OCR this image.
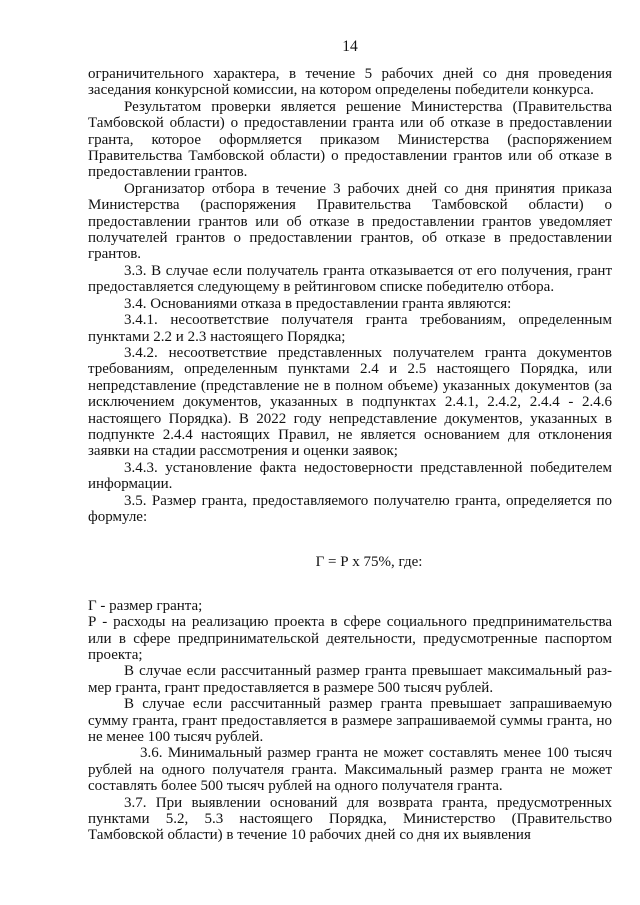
14

ограничительного характера, в течение 5 рабочих дней со дня проведения заседания конкурсной комиссии, на котором определены победители конкурса.

Результатом проверки является решение Министерства (Правительства Тамбовской области) о предоставлении гранта или об отказе в предоставлении гранта, которое оформляется приказом Министерства (распоряжением Правительства Тамбовской области) о предоставлении грантов или об отказе в предоставлении грантов.

Организатор отбора в течение 3 рабочих дней со дня принятия приказа Министерства (распоряжения Правительства Тамбовской области) о предоставлении грантов или об отказе в предоставлении грантов уведомляет получателей грантов о предоставлении грантов, об отказе в предоставлении грантов.

3.3. В случае если получатель гранта отказывается от его получения, грант предоставляется следующему в рейтинговом списке победителю отбора.

3.4. Основаниями отказа в предоставлении гранта являются:

3.4.1. несоответствие получателя гранта требованиям, определенным пунктами 2.2 и 2.3 настоящего Порядка;

3.4.2. несоответствие представленных получателем гранта документов требованиям, определенным пунктами 2.4 и 2.5 настоящего Порядка, или непредставление (представление не в полном объеме) указанных документов (за исключением документов, указанных в подпунктах 2.4.1, 2.4.2, 2.4.4 - 2.4.6 настоящего Порядка). В 2022 году непредставление документов, указанных в подпункте 2.4.4 настоящих Правил, не является основанием для отклонения заявки на стадии рассмотрения и оценки заявок;

3.4.3. установление факта недостоверности представленной победителем информации.

3.5. Размер гранта, предоставляемого получателю гранта, определяется по формуле:

Г = Р х 75%, где:

Г - размер гранта;

Р - расходы на реализацию проекта в сфере социального предпринимательства или в сфере предпринимательской деятельности, предусмотренные паспортом проекта;

В случае если рассчитанный размер гранта превышает максимальный размер гранта, грант предоставляется в размере 500 тысяч рублей.

В случае если рассчитанный размер гранта превышает запрашиваемую сумму гранта, грант предоставляется в размере запрашиваемой суммы гранта, но не менее 100 тысяч рублей.

3.6. Минимальный размер гранта не может составлять менее 100 тысяч рублей на одного получателя гранта. Максимальный размер гранта не может составлять более 500 тысяч рублей на одного получателя гранта.

3.7. При выявлении оснований для возврата гранта, предусмотренных пунктами 5.2, 5.3 настоящего Порядка, Министерство (Правительство Тамбовской области) в течение 10 рабочих дней со дня их выявления
